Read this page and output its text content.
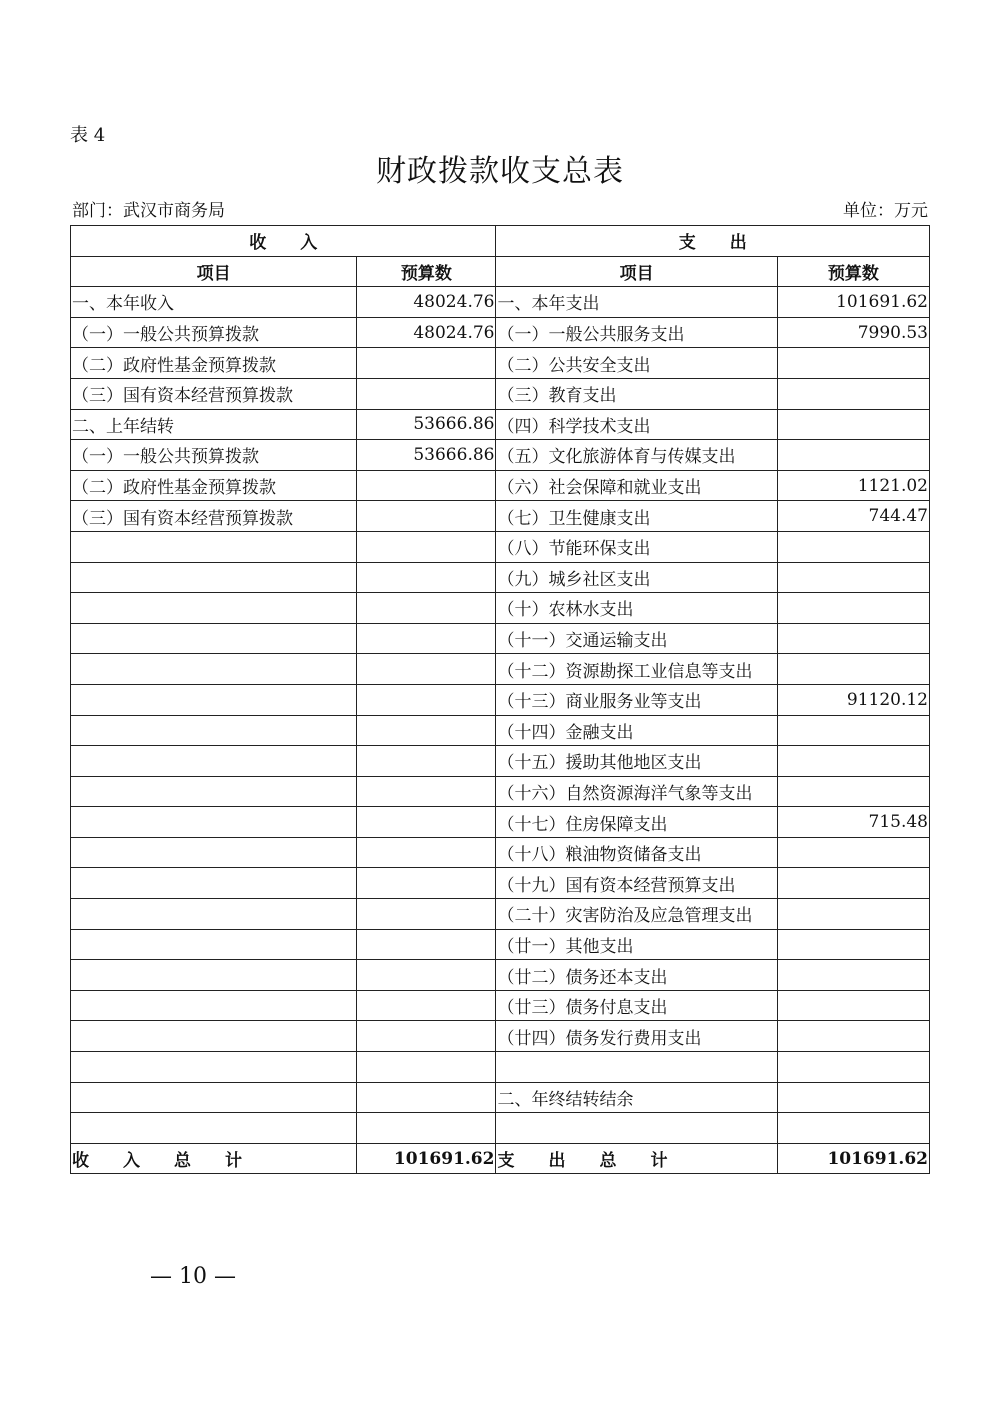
表 4
财政拨款收支总表
部门：武汉市商务局	单位：万元
收　　入		支　　出	
项目	预算数	项目	预算数
一、本年收入	48024.76	一、本年支出	101691.62
（一）一般公共预算拨款	48024.76	（一）一般公共服务支出	7990.53
（二）政府性基金预算拨款		（二）公共安全支出	
（三）国有资本经营预算拨款		（三）教育支出	
二、上年结转	53666.86	（四）科学技术支出	
（一）一般公共预算拨款	53666.86	（五）文化旅游体育与传媒支出	
（二）政府性基金预算拨款		（六）社会保障和就业支出	1121.02
（三）国有资本经营预算拨款		（七）卫生健康支出	744.47
		（八）节能环保支出	
		（九）城乡社区支出	
		（十）农林水支出	
		（十一）交通运输支出	
		（十二）资源勘探工业信息等支出	
		（十三）商业服务业等支出	91120.12
		（十四）金融支出	
		（十五）援助其他地区支出	
		（十六）自然资源海洋气象等支出	
		（十七）住房保障支出	715.48
		（十八）粮油物资储备支出	
		（十九）国有资本经营预算支出	
		（二十）灾害防治及应急管理支出	
		（廿一）其他支出	
		（廿二）债务还本支出	
		（廿三）债务付息支出	
		（廿四）债务发行费用支出	

		二、年终结转结余	

收　　入　　总　　计	101691.62	支　　出　　总　　计	101691.62
— 10 —
